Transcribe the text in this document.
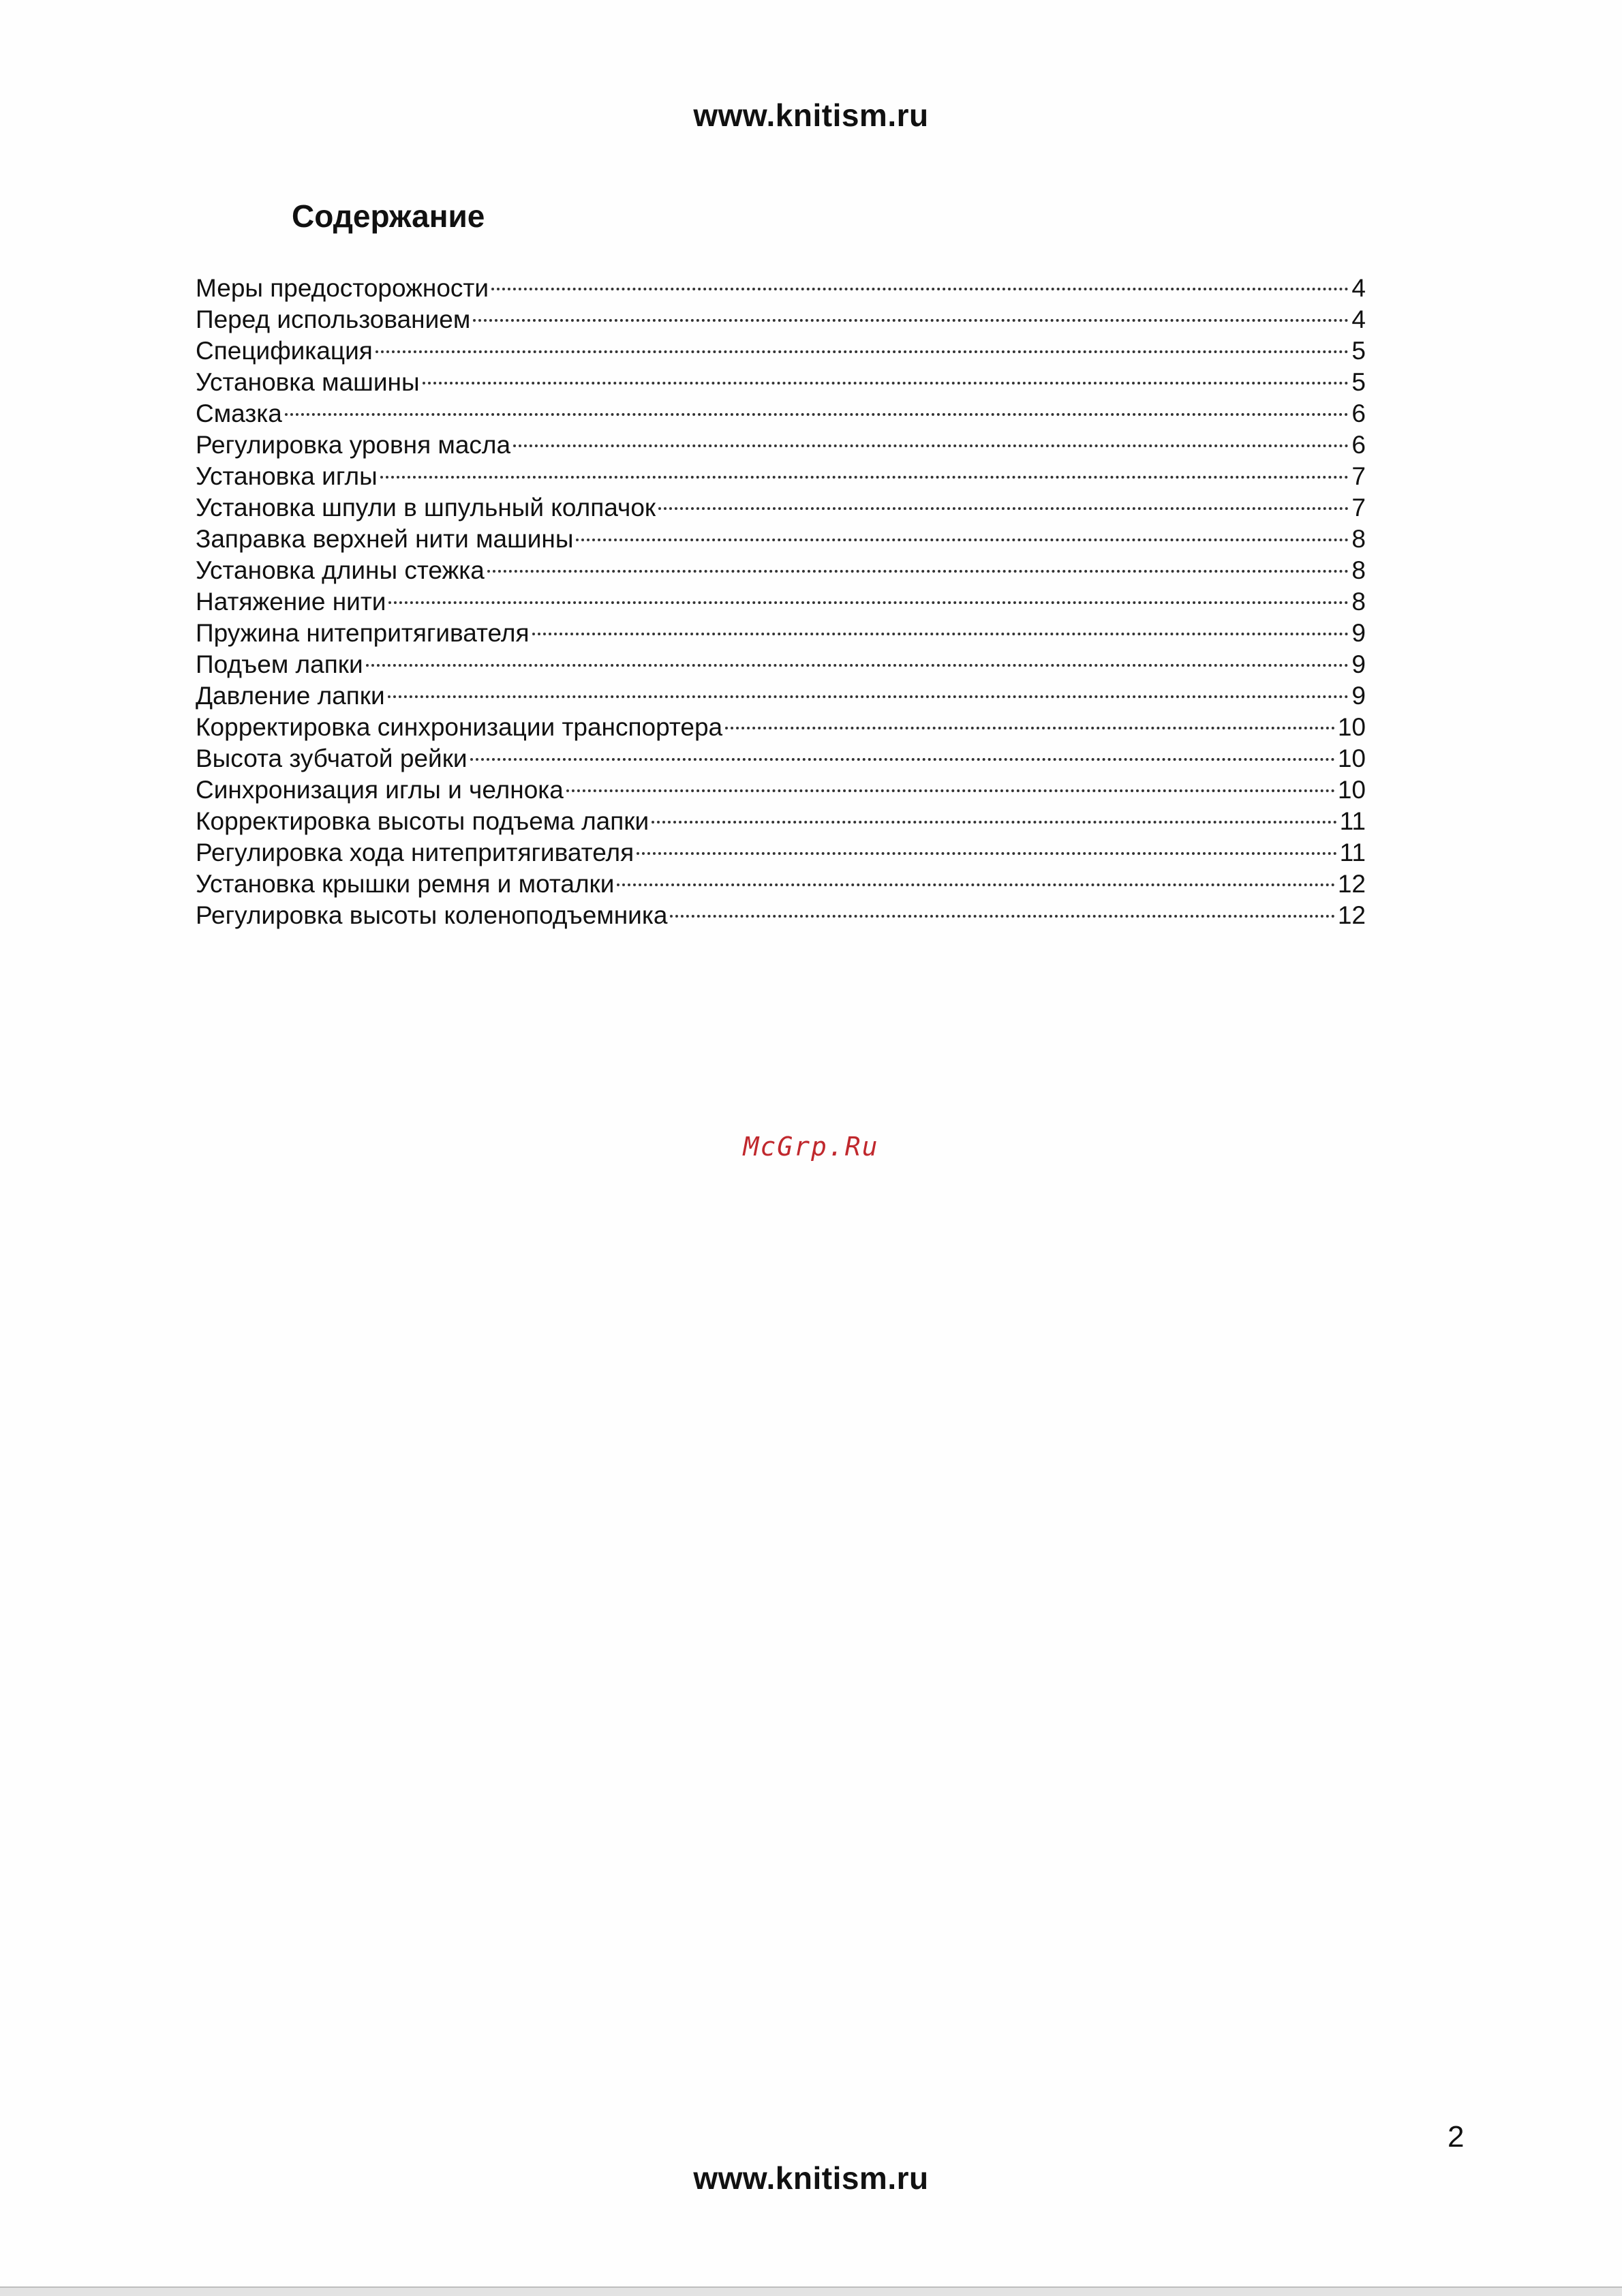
www.knitism.ru
Содержание
Меры предосторожности	4
Перед использованием	4
Спецификация	5
Установка машины	5
Смазка	6
Регулировка уровня масла	6
Установка иглы	7
Установка шпули в шпульный колпачок	7
Заправка верхней нити машины	8
Установка длины стежка	8
Натяжение нити	8
Пружина нитепритягивателя	9
Подъем лапки	9
Давление лапки	9
Корректировка синхронизации транспортера	10
Высота зубчатой рейки	10
Синхронизация иглы и челнока	10
Корректировка высоты подъема лапки	11
Регулировка хода нитепритягивателя	11
Установка крышки ремня и моталки	12
Регулировка высоты коленоподъемника	12
McGrp.Ru
2
www.knitism.ru
